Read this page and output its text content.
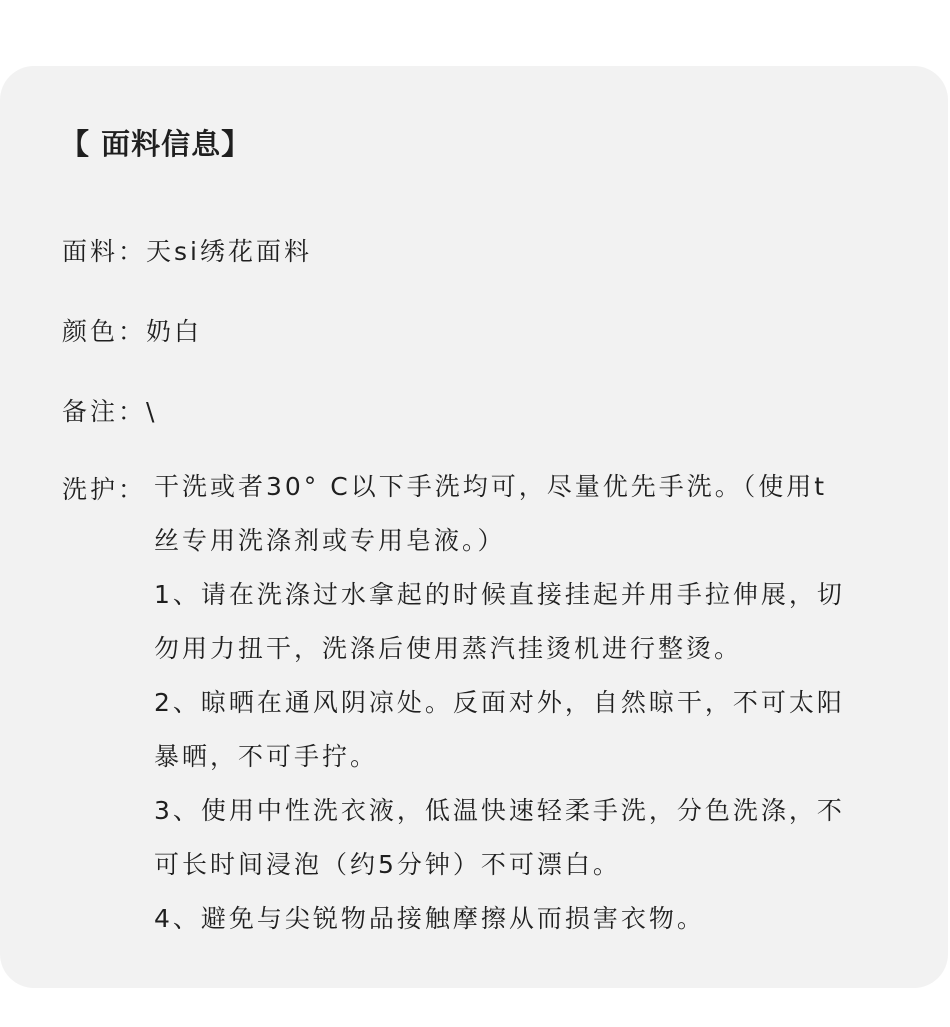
【 面料信息】
面料：天si绣花面料
颜色：奶白
备注：\
洗护： 干洗或者30° C以下手洗均可，尽量优先手洗。（使用t
丝专用洗涤剂或专用皂液。）

1、请在洗涤过水拿起的时候直接挂起并用手拉伸展，切
勿用力扭干，洗涤后使用蒸汽挂烫机进行整烫。

2、晾晒在通风阴凉处。反面对外，自然晾干，不可太阳
暴晒，不可手拧。

3、使用中性洗衣液，低温快速轻柔手洗，分色洗涤，不
可长时间浸泡（约5分钟）不可漂白。

4、避免与尖锐物品接触摩擦从而损害衣物。
